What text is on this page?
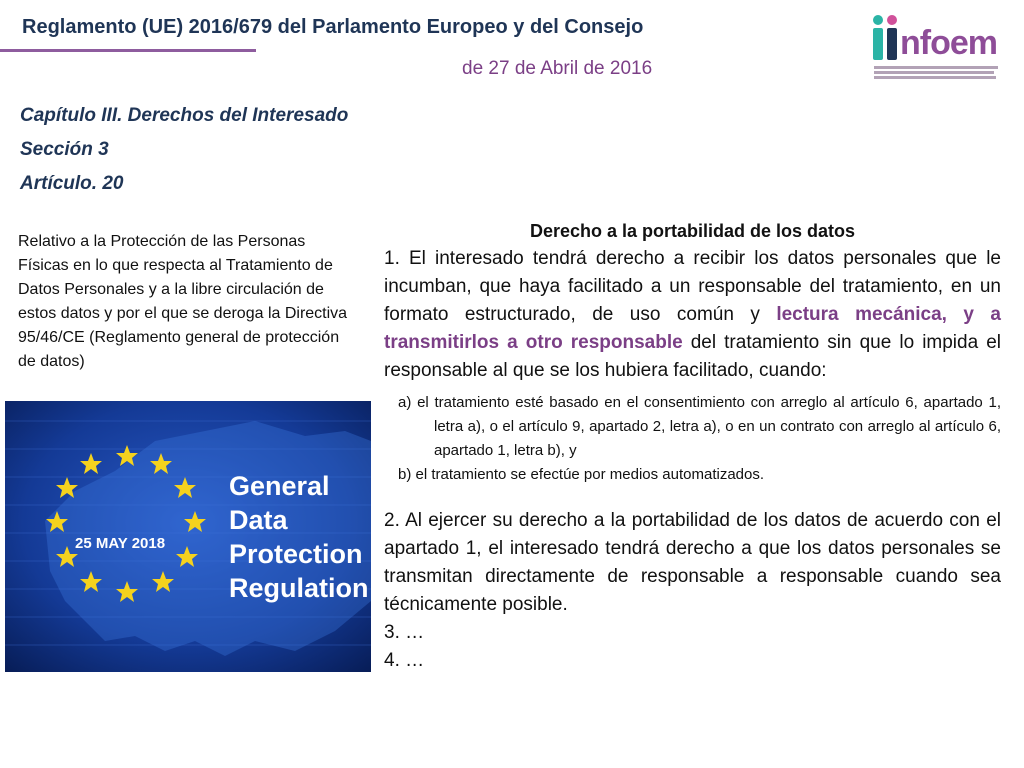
Reglamento (UE) 2016/679 del Parlamento Europeo y del Consejo
de 27 de Abril de 2016
nfoem
Capítulo III. Derechos del Interesado
Sección 3
Artículo. 20
Relativo a la Protección de las Personas Físicas en lo que respecta al Tratamiento de Datos Personales y a la libre circulación de estos datos y por el que se deroga la Directiva 95/46/CE (Reglamento general de protección de datos)
25 MAY 2018
General
Data
Protection
Regulation
Derecho a la portabilidad de los datos
1. El interesado tendrá derecho a recibir los datos personales que le incumban, que haya facilitado a un responsable del tratamiento, en un formato estructurado, de uso común y lectura mecánica, y a transmitirlos a otro responsable del tratamiento sin que lo impida el responsable al que se los hubiera facilitado, cuando:
a) el tratamiento esté basado en el consentimiento con arreglo al artículo 6, apartado 1, letra a), o el artículo 9, apartado 2, letra a), o en un contrato con arreglo al artículo 6, apartado 1, letra b), y
b) el tratamiento se efectúe por medios automatizados.
2. Al ejercer su derecho a la portabilidad de los datos de acuerdo con el apartado 1, el interesado tendrá derecho a que los datos personales se transmitan directamente de responsable a responsable cuando sea técnicamente posible.
3. …
4. …
